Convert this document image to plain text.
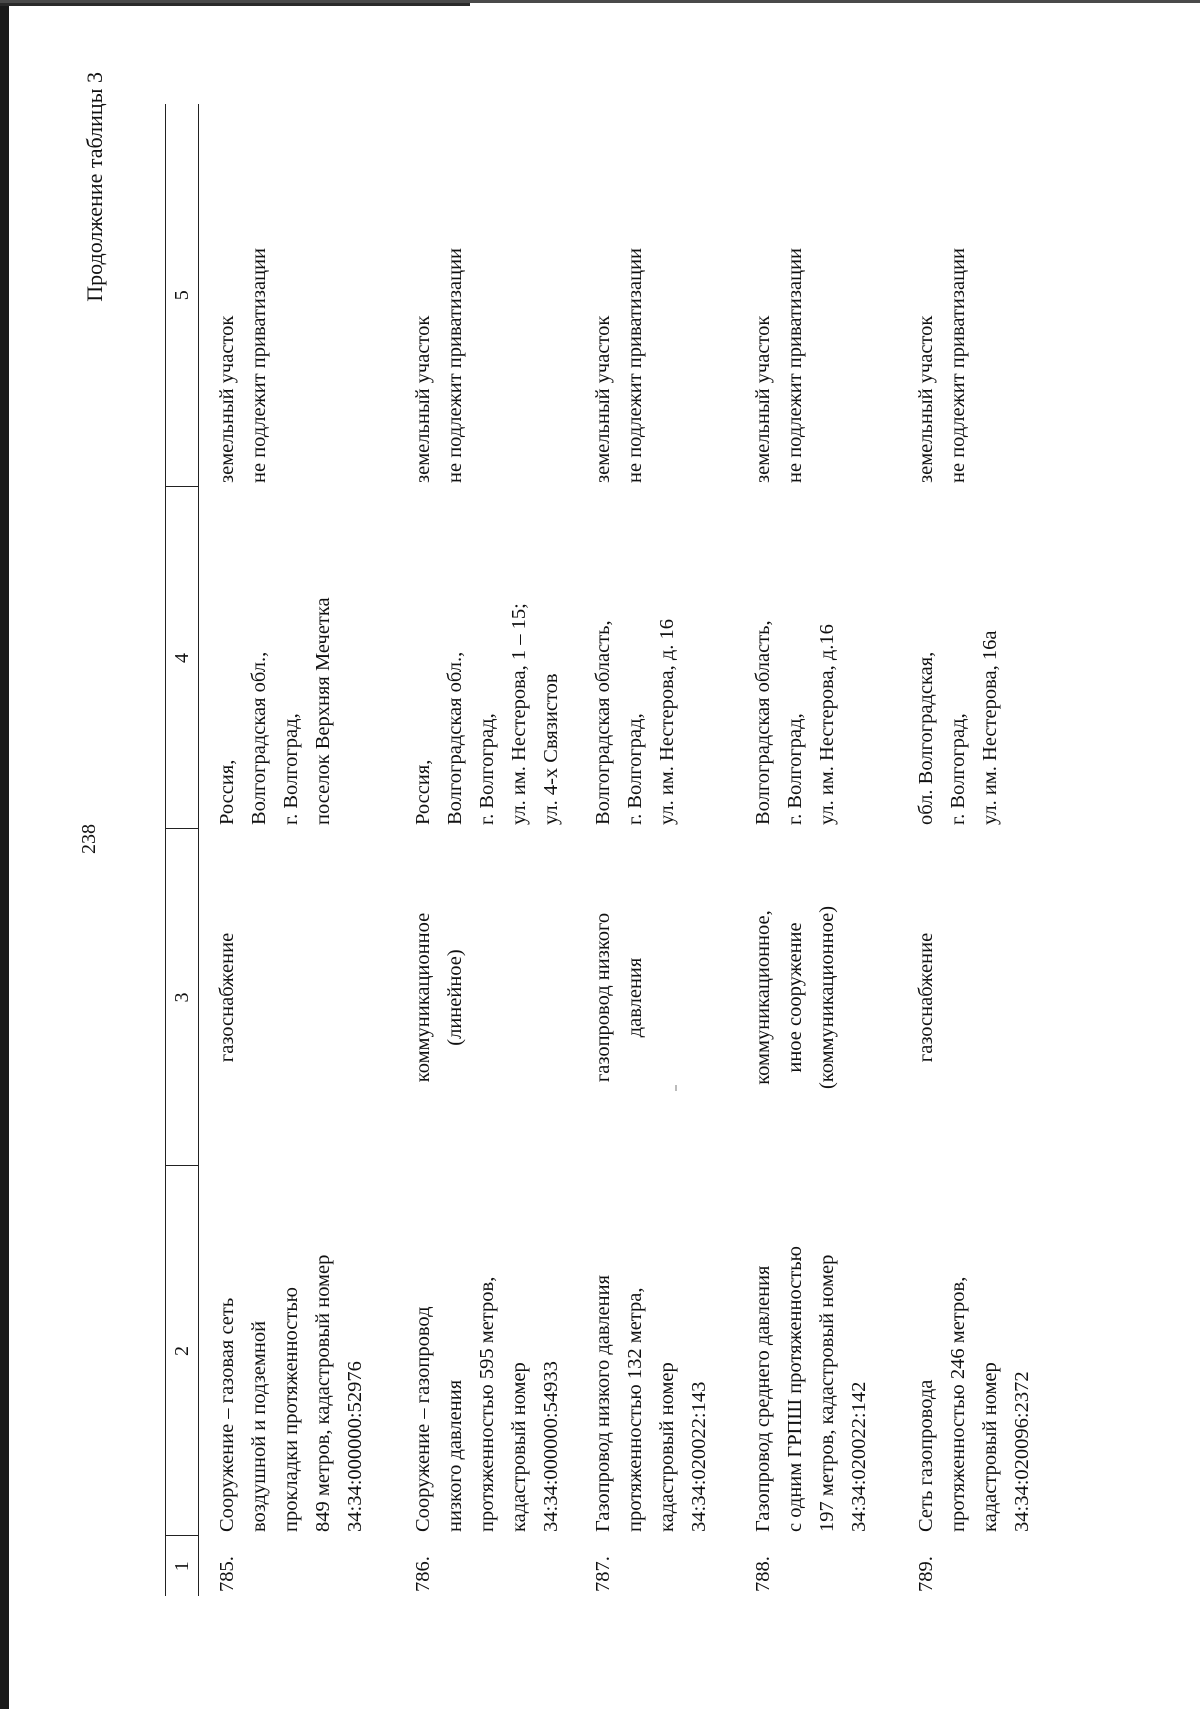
238
Продолжение таблицы 3
1	2	3	4	5
785.	Сооружение – газовая сеть воздушной и подземной прокладки протяженностью 849 метров, кадастровый номер 34:34:000000:52976	газоснабжение	Россия, Волгоградская обл., г. Волгоград, поселок Верхняя Мечетка	земельный участок не подлежит приватизации

786.	Сооружение – газопровод низкого давления протяженностью 595 метров, кадастровый номер 34:34:000000:54933	коммуникационное (линейное)	Россия, Волгоградская обл., г. Волгоград, ул. им. Нестерова, 1 – 15; ул. 4-х Связистов	земельный участок не подлежит приватизации

787.	Газопровод низкого давления протяженностью 132 метра, кадастровый номер 34:34:020022:143	газопровод низкого давления	Волгоградская область, г. Волгоград, ул. им. Нестерова, д. 16	земельный участок не подлежит приватизации

788.	Газопровод среднего давления с одним ГРПШ протяженностью 197 метров, кадастровый номер 34:34:020022:142	коммуникационное, иное сооружение (коммуникационное)	Волгоградская область, г. Волгоград, ул. им. Нестерова, д.16	земельный участок не подлежит приватизации

789.	Сеть газопровода протяженностью 246 метров, кадастровый номер 34:34:020096:2372	газоснабжение	обл. Волгоградская, г. Волгоград, ул. им. Нестерова, 16а	земельный участок не подлежит приватизации
